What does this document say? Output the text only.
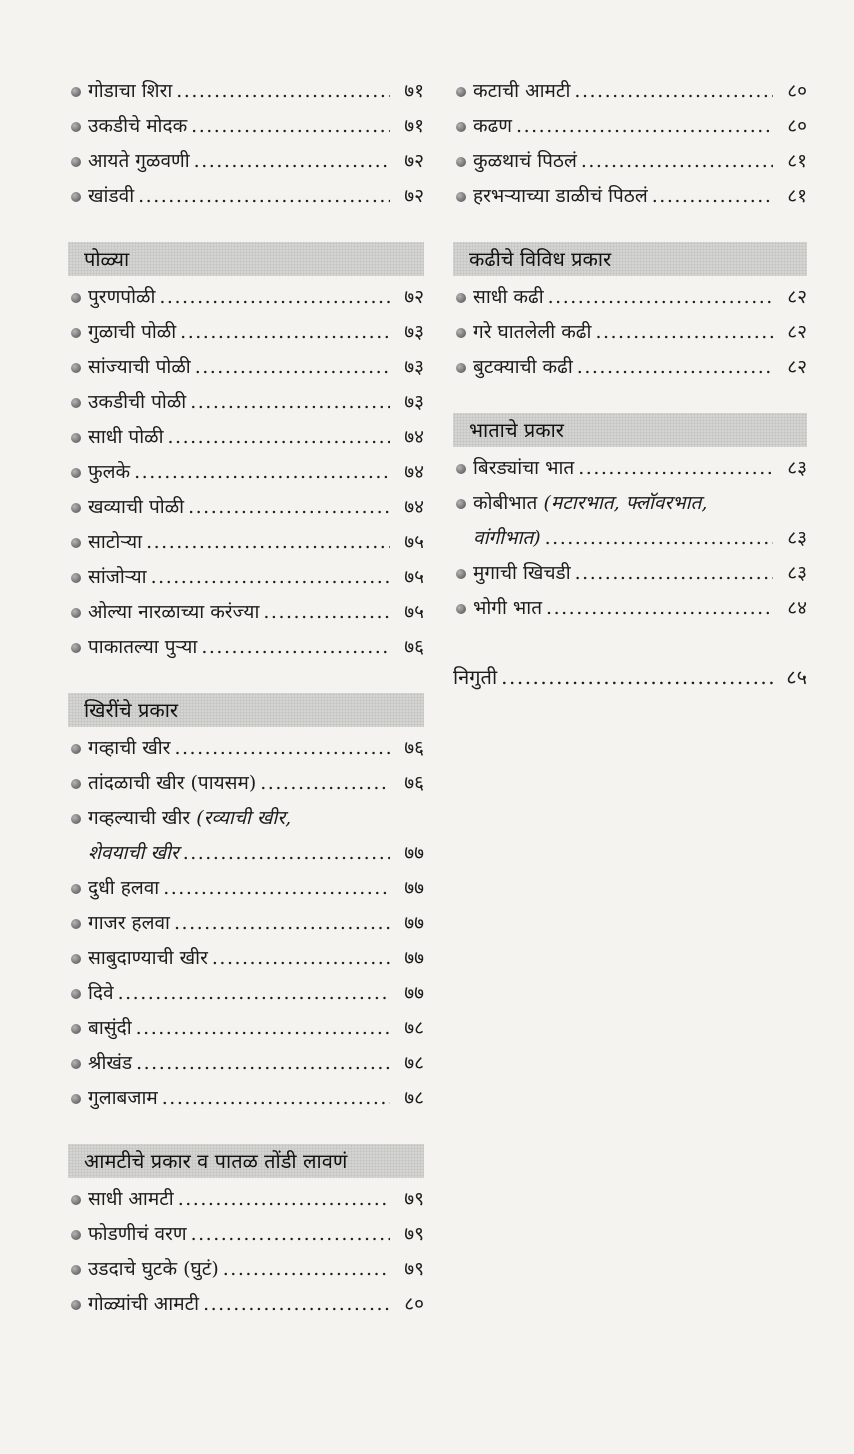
गोडाचा शिरा .....	७१
उकडीचे मोदक .....	७१
आयते गुळवणी .....	७२
खांडवी .....	७२
पोळ्या
पुरणपोळी .....	७२
गुळाची पोळी .....	७३
सांज्याची पोळी .....	७३
उकडीची पोळी .....	७३
साधी पोळी .....	७४
फुलके .....	७४
खव्याची पोळी .....	७४
साटोऱ्या .....	७५
सांजोऱ्या .....	७५
ओल्या नारळाच्या करंज्या .....	७५
पाकातल्या पुऱ्या .....	७६
खिरींचे प्रकार
गव्हाची खीर .....	७६
तांदळाची खीर (पायसम) .....	७६
गव्हल्याची खीर
(रव्याची खीर,
शेवयाची खीर .....	७७
दुधी हलवा .....	७७
गाजर हलवा .....	७७
साबुदाण्याची खीर .....	७७
दिवे .....	७७
बासुंदी .....	७८
श्रीखंड .....	७८
गुलाबजाम .....	७८
आमटीचे प्रकार व पातळ तोंडी लावणं
साधी आमटी .....	७९
फोडणीचं वरण .....	७९
उडदाचे घुटके (घुटं) .....	७९
गोळ्यांची आमटी .....	८०
कटाची आमटी .....	८०
कढण .....	८०
कुळथाचं पिठलं .....	८१
हरभऱ्याच्या डाळीचं पिठलं .....	८१
कढीचे विविध प्रकार
साधी कढी .....	८२
गरे घातलेली कढी .....	८२
बुटक्याची कढी .....	८२
भाताचे प्रकार
बिरड्यांचा भात .....	८३
कोबीभात
(मटारभात, फ्लॉवरभात,
वांगीभात) .....	८३
मुगाची खिचडी .....	८३
भोगी भात .....	८४
निगुती .....	८५
